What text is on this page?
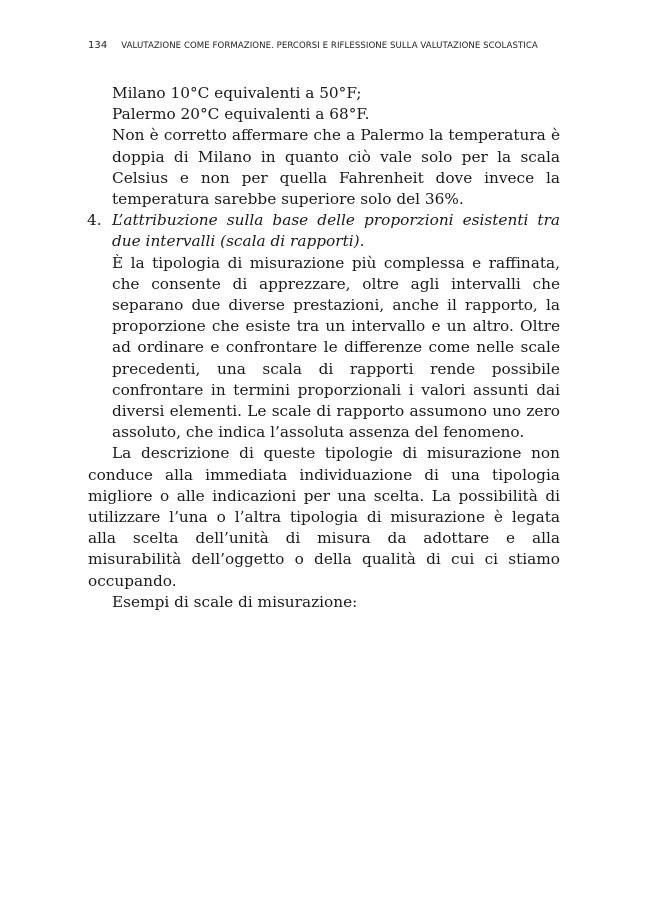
134 VALUTAZIONE COME FORMAZIONE. PERCORSI E RIFLESSIONE SULLA VALUTAZIONE SCOLASTICA

Milano 10°C equivalenti a 50°F;

Palermo 20°C equivalenti a 68°F.

Non è corretto affermare che a Palermo la temperatura è doppia di Milano in quanto ciò vale solo per la scala Celsius e non per quella Fahrenheit dove invece la temperatura sarebbe superiore solo del 36%.

4. L’attribuzione sulla base delle proporzioni esistenti tra due intervalli (scala di rapporti).

È la tipologia di misurazione più complessa e raffinata, che consente di apprezzare, oltre agli intervalli che separano due diverse prestazioni, anche il rapporto, la proporzione che esiste tra un intervallo e un altro. Oltre ad ordinare e confrontare le differenze come nelle scale precedenti, una scala di rapporti rende possibile confrontare in termini proporzionali i valori assunti dai diversi elementi. Le scale di rapporto assumono uno zero assoluto, che indica l’assoluta assenza del fenomeno.

La descrizione di queste tipologie di misurazione non conduce alla immediata individuazione di una tipologia migliore o alle indicazioni per una scelta. La possibilità di utilizzare l’una o l’altra tipologia di misurazione è legata alla scelta dell’unità di misura da adottare e alla misurabilità dell’oggetto o della qualità di cui ci stiamo occupando.

Esempi di scale di misurazione:
